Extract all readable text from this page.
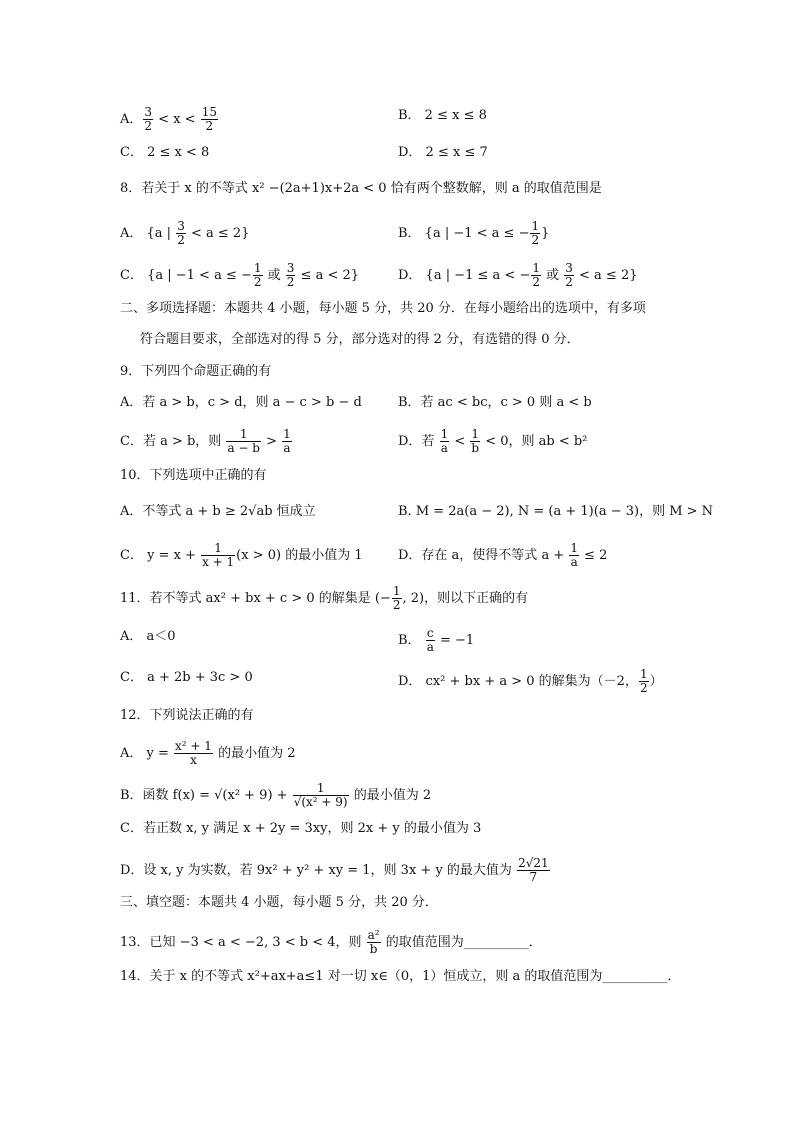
A． $\frac{3}{2} < x < \frac{15}{2}$	B． 2 ≤ x ≤ 8
C． 2 ≤ x < 8	D． 2 ≤ x ≤ 7
8．若关于 x 的不等式 x² −(2a+1)x+2a < 0 恰有两个整数解，则 a 的取值范围是
A． {a | $\frac{3}{2} < a \le 2$}	B． {a | −1 < a ≤ − $\frac{1}{2}$ }
C． {a | −1 < a ≤ − $\frac{1}{2}$ 或 $\frac{3}{2} \le a < 2$}	D． {a | −1 ≤ a < − $\frac{1}{2}$ 或 $\frac{3}{2} < a \le 2$}
二、多项选择题：本题共 4 小题，每小题 5 分，共 20 分．在每小题给出的选项中，有多项
符合题目要求，全部选对的得 5 分，部分选对的得 2 分，有选错的得 0 分．
9．下列四个命题正确的有
A．若 a > b，c > d，则 a − c > b − d	B．若 ac < bc，c > 0 则 a < b
C．若 a > b，则 $\frac{1}{a - b} > \frac{1}{a}$	D．若 $\frac{1}{a} < \frac{1}{b} < 0$，则 ab < b²
10．下列选项中正确的有
A．不等式 a + b ≥ 2√ab 恒成立	B. M = 2a(a − 2), N = (a + 1)(a − 3)，则 M > N
C． $y = x + \frac{1}{x + 1} (x > 0)$ 的最小值为 1	D．存在 a，使得不等式 $a + \frac{1}{a} \le 2$
11．若不等式 ax² + bx + c > 0 的解集是 (− $\frac{1}{2}$ , 2)，则以下正确的有
A． a＜0	B． $\frac{c}{a} = -1$
C． a + 2b + 3c > 0	D． cx² + bx + a > 0 的解集为（－2， $\frac{1}{2}$ ）
12．下列说法正确的有
A． $y = \frac{\text{x² + 1}}{x}$ 的最小值为 2
B．函数 $f(x) = √(x^2 + 9) + \frac{1}{\text{√(x² + 9)}}$ 的最小值为 2
C．若正数 x, y 满足 x + 2y = 3xy，则 2x + y 的最小值为 3
D．设 x, y 为实数，若 9x² + y² + xy = 1，则 3x + y 的最大值为 $\frac{2√21}{7}$
三、填空题：本题共 4 小题，每小题 5 分，共 20 分．
13．已知 −3 < a < −2, 3 < b < 4，则 $\frac{\text{a²}}{b}$ 的取值范围为__________．
14．关于 x 的不等式 x²+ax+a≤1 对一切 x∈（0，1）恒成立，则 a 的取值范围为__________．
